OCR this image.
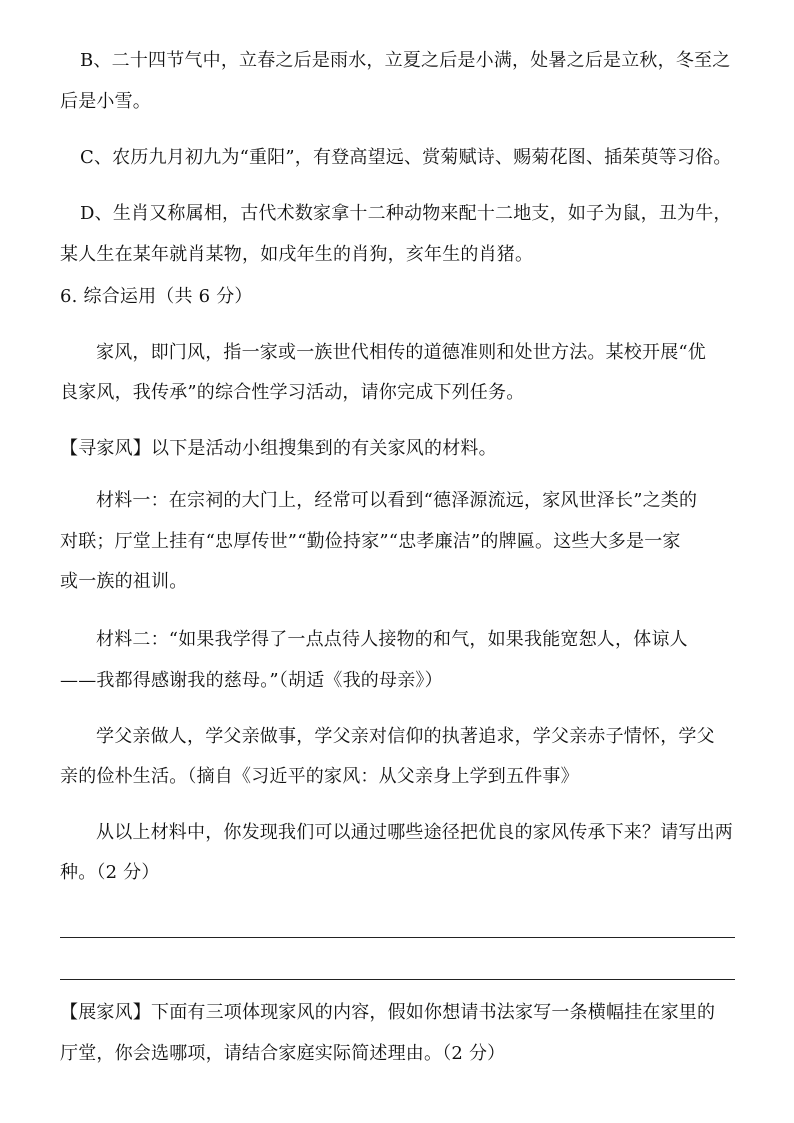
B、二十四节气中，立春之后是雨水，立夏之后是小满，处暑之后是立秋，冬至之
后是小雪。
C、农历九月初九为“重阳”，有登高望远、赏菊赋诗、赐菊花图、插茱萸等习俗。
D、生肖又称属相，古代术数家拿十二种动物来配十二地支，如子为鼠，丑为牛，
某人生在某年就肖某物，如戌年生的肖狗，亥年生的肖猪。
6. 综合运用（共 6 分）
家风，即门风，指一家或一族世代相传的道德准则和处世方法。某校开展“优
良家风，我传承”的综合性学习活动，请你完成下列任务。
【寻家风】以下是活动小组搜集到的有关家风的材料。
材料一：在宗祠的大门上，经常可以看到“德泽源流远，家风世泽长”之类的
对联；厅堂上挂有“忠厚传世”“勤俭持家”“忠孝廉洁”的牌匾。这些大多是一家
或一族的祖训。
材料二：“如果我学得了一点点待人接物的和气，如果我能宽恕人，体谅人
——我都得感谢我的慈母。”（胡适《我的母亲》）
学父亲做人，学父亲做事，学父亲对信仰的执著追求，学父亲赤子情怀，学父
亲的俭朴生活。（摘自《习近平的家风：从父亲身上学到五件事》
从以上材料中，你发现我们可以通过哪些途径把优良的家风传承下来？请写出两
种。（2 分）
【展家风】下面有三项体现家风的内容，假如你想请书法家写一条横幅挂在家里的
厅堂，你会选哪项，请结合家庭实际简述理由。（2 分）
